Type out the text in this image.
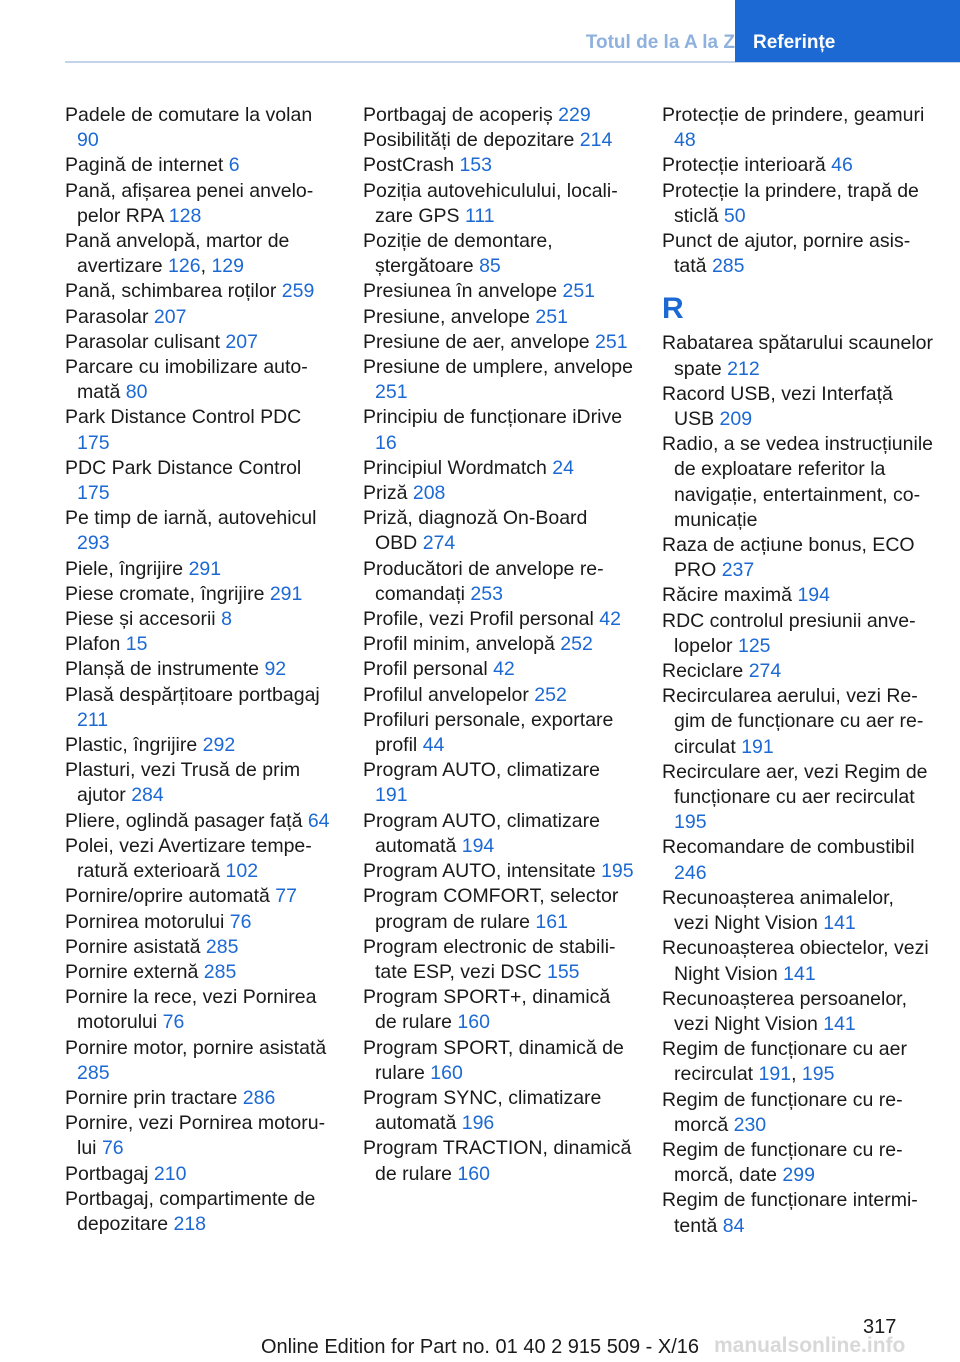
Totul de la A la Z Referințe
Padele de comutare la volan 90
Pagină de internet 6
Pană, afișarea penei anvelopelor RPA 128
Pană anvelopă, martor de avertizare 126, 129
Pană, schimbarea roților 259
Parasolar 207
Parasolar culisant 207
Parcare cu imobilizare automată 80
Park Distance Control PDC 175
PDC Park Distance Control 175
Pe timp de iarnă, autovehicul 293
Piele, îngrijire 291
Piese cromate, îngrijire 291
Piese și accesorii 8
Plafon 15
Planșă de instrumente 92
Plasă despărțitoare portbagaj 211
Plastic, îngrijire 292
Plasturi, vezi Trusă de prim ajutor 284
Pliere, oglindă pasager față 64
Polei, vezi Avertizare temperatură exterioară 102
Pornire/oprire automată 77
Pornirea motorului 76
Pornire asistată 285
Pornire externă 285
Pornire la rece, vezi Pornirea motorului 76
Pornire motor, pornire asistată 285
Pornire prin tractare 286
Pornire, vezi Pornirea motorului 76
Portbagaj 210
Portbagaj, compartimente de depozitare 218
Portbagaj de acoperiș 229
Posibilități de depozitare 214
PostCrash 153
Poziția autovehiculului, localizare GPS 111
Poziție de demontare, ștergătoare 85
Presiunea în anvelope 251
Presiune, anvelope 251
Presiune de aer, anvelope 251
Presiune de umplere, anvelope 251
Principiu de funcționare iDrive 16
Principiul Wordmatch 24
Priză 208
Priză, diagnoză On-Board OBD 274
Producători de anvelope recomandați 253
Profile, vezi Profil personal 42
Profil minim, anvelopă 252
Profil personal 42
Profilul anvelopelor 252
Profiluri personale, exportare profil 44
Program AUTO, climatizare 191
Program AUTO, climatizare automată 194
Program AUTO, intensitate 195
Program COMFORT, selector program de rulare 161
Program electronic de stabilitate ESP, vezi DSC 155
Program SPORT+, dinamică de rulare 160
Program SPORT, dinamică de rulare 160
Program SYNC, climatizare automată 196
Program TRACTION, dinamică de rulare 160
Protecție de prindere, geamuri 48
Protecție interioară 46
Protecție la prindere, trapă de sticlă 50
Punct de ajutor, pornire asistată 285
R
Rabatarea spătarului scaunelor spate 212
Racord USB, vezi Interfață USB 209
Radio, a se vedea instrucțiunile de exploatare referitor la navigație, entertainment, comunicație
Raza de acțiune bonus, ECO PRO 237
Răcire maximă 194
RDC controlul presiunii anvelopelor 125
Reciclare 274
Recircularea aerului, vezi Regim de funcționare cu aer recirculat 191
Recirculare aer, vezi Regim de funcționare cu aer recirculat 195
Recomandare de combustibil 246
Recunoașterea animalelor, vezi Night Vision 141
Recunoașterea obiectelor, vezi Night Vision 141
Recunoașterea persoanelor, vezi Night Vision 141
Regim de funcționare cu aer recirculat 191, 195
Regim de funcționare cu remorcă 230
Regim de funcționare cu remorcă, date 299
Regim de funcționare intermitentă 84
317
Online Edition for Part no. 01 40 2 915 509 - X/16 manualsonline.info
